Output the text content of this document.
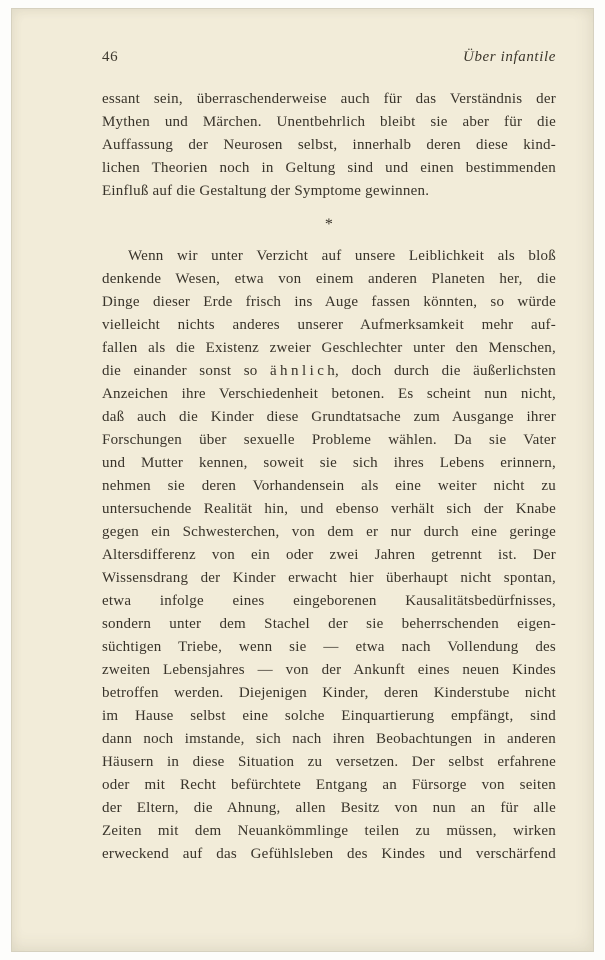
46	Über infantile
essant sein, überraschenderweise auch für das Verständnis der
Mythen und Märchen. Unentbehrlich bleibt sie aber für die
Auffassung der Neurosen selbst, innerhalb deren diese kind-
lichen Theorien noch in Geltung sind und einen bestimmenden
Einfluß auf die Gestaltung der Symptome gewinnen.
*
Wenn wir unter Verzicht auf unsere Leiblichkeit als bloß
denkende Wesen, etwa von einem anderen Planeten her, die
Dinge dieser Erde frisch ins Auge fassen könnten, so würde
vielleicht nichts anderes unserer Aufmerksamkeit mehr auf-
fallen als die Existenz zweier Geschlechter unter den Menschen,
die einander sonst so ä h n l i c h, doch durch die äußerlichsten
Anzeichen ihre Verschiedenheit betonen. Es scheint nun nicht,
daß auch die Kinder diese Grundtatsache zum Ausgange ihrer
Forschungen über sexuelle Probleme wählen. Da sie Vater
und Mutter kennen, soweit sie sich ihres Lebens erinnern,
nehmen sie deren Vorhandensein als eine weiter nicht zu
untersuchende Realität hin, und ebenso verhält sich der Knabe
gegen ein Schwesterchen, von dem er nur durch eine geringe
Altersdifferenz von ein oder zwei Jahren getrennt ist. Der
Wissensdrang der Kinder erwacht hier überhaupt nicht spontan,
etwa infolge eines eingeborenen Kausalitätsbedürfnisses,
sondern unter dem Stachel der sie beherrschenden eigen-
süchtigen Triebe, wenn sie — etwa nach Vollendung des
zweiten Lebensjahres — von der Ankunft eines neuen Kindes
betroffen werden. Diejenigen Kinder, deren Kinderstube nicht
im Hause selbst eine solche Einquartierung empfängt, sind
dann noch imstande, sich nach ihren Beobachtungen in anderen
Häusern in diese Situation zu versetzen. Der selbst erfahrene
oder mit Recht befürchtete Entgang an Fürsorge von seiten
der Eltern, die Ahnung, allen Besitz von nun an für alle
Zeiten mit dem Neuankömmlinge teilen zu müssen, wirken
erweckend auf das Gefühlsleben des Kindes und verschärfend
